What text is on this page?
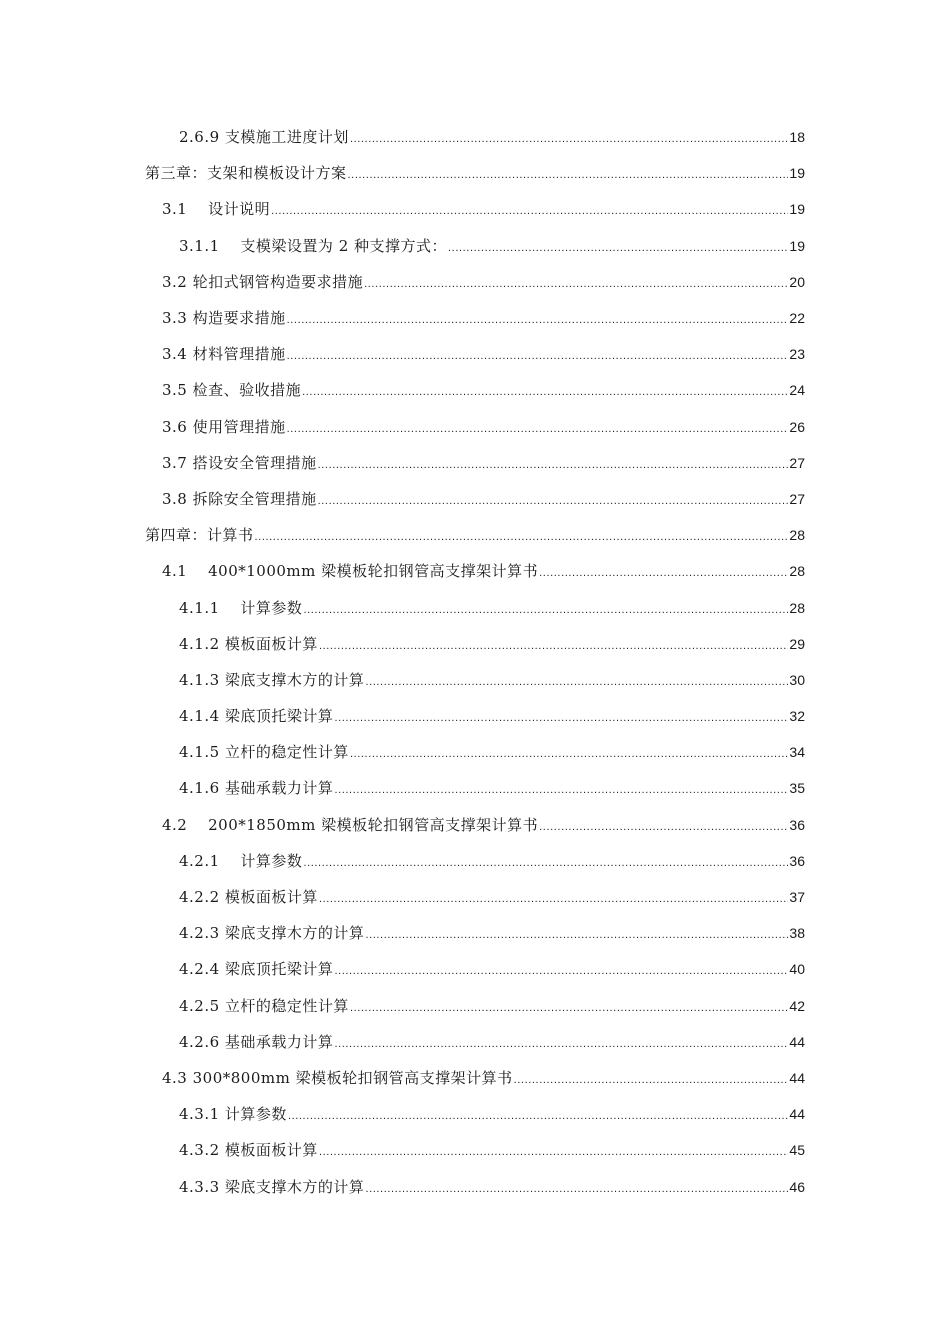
2.6.9 支模施工进度计划 .....	18
第三章：支架和模板设计方案 .....	19
3.1　 设计说明 .....	19
3.1.1　 支模梁设置为 2 种支撑方式： .....	19
3.2 轮扣式钢管构造要求措施 .....	20
3.3 构造要求措施 .....	22
3.4 材料管理措施 .....	23
3.5 检查、验收措施 .....	24
3.6 使用管理措施 .....	26
3.7 搭设安全管理措施 .....	27
3.8 拆除安全管理措施 .....	27
第四章：计算书 .....	28
4.1　 400*1000mm 梁模板轮扣钢管高支撑架计算书 .....	28
4.1.1　 计算参数 .....	28
4.1.2 模板面板计算 .....	29
4.1.3 梁底支撑木方的计算 .....	30
4.1.4 梁底顶托梁计算 .....	32
4.1.5 立杆的稳定性计算 .....	34
4.1.6 基础承载力计算 .....	35
4.2　 200*1850mm 梁模板轮扣钢管高支撑架计算书 .....	36
4.2.1　 计算参数 .....	36
4.2.2 模板面板计算 .....	37
4.2.3 梁底支撑木方的计算 .....	38
4.2.4 梁底顶托梁计算 .....	40
4.2.5 立杆的稳定性计算 .....	42
4.2.6 基础承载力计算 .....	44
4.3 300*800mm 梁模板轮扣钢管高支撑架计算书 .....	44
4.3.1 计算参数 .....	44
4.3.2 模板面板计算 .....	45
4.3.3 梁底支撑木方的计算 .....	46
